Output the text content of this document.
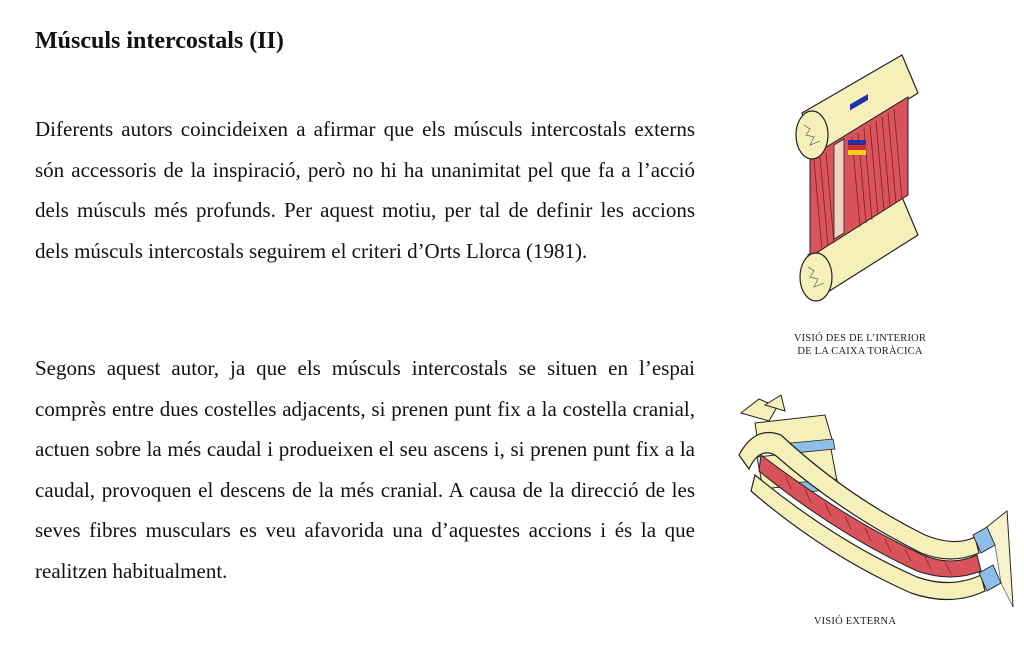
Músculs intercostals (II)

Diferents autors coincideixen a afirmar que els músculs intercostals externs són accessoris de la inspiració, però no hi ha unanimitat pel que fa a l’acció dels músculs més profunds. Per aquest motiu, per tal de definir les accions dels músculs intercostals seguirem el criteri d’Orts Llorca (1981).

Segons aquest autor, ja que els músculs intercostals se situen en l’espai comprès entre dues costelles adjacents, si prenen punt fix a la costella cranial, actuen sobre la més caudal i produeixen el seu ascens i, si prenen punt fix a la caudal, provoquen el descens de la més cranial. A causa de la direcció de les seves fibres musculars es veu afavorida una d’aquestes accions i és la que realitzen habitualment.

VISIÓ DES DE L’INTERIOR
DE LA CAIXA TORÀCICA
VISIÓ EXTERNA
